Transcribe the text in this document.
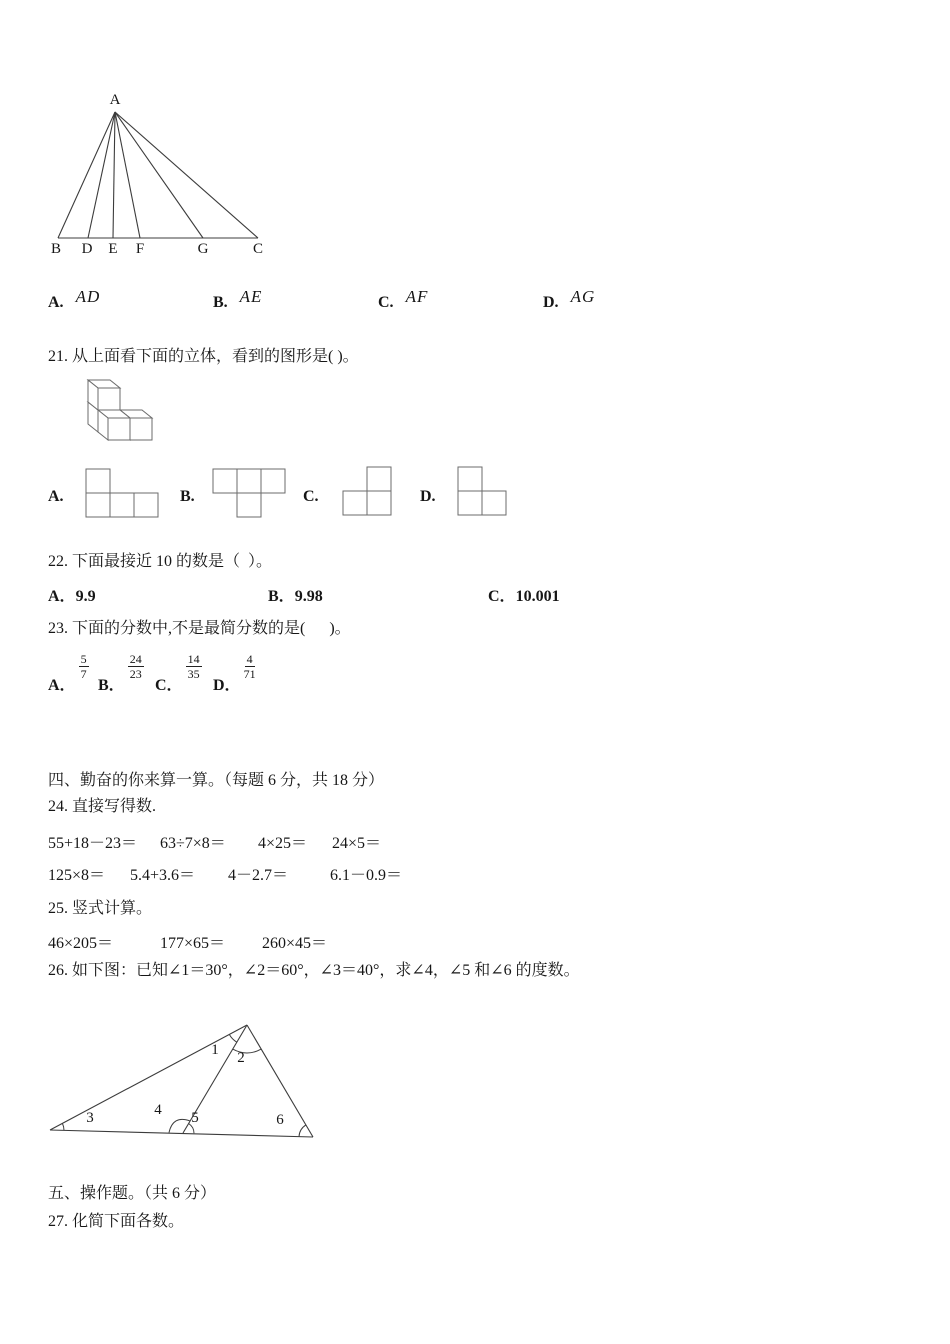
A
B D E F	G	C
A. AD	B. AE	C. AF	D. AG
21. 从上面看下面的立体，看到的图形是( )。
A.	B.	C.	D.
22. 下面最接近 10 的数是（  ）。
A．9.9	B．9.98	C．10.001
23. 下面的分数中,不是最简分数的是(      )。
A．
$\frac{5}{7}$
B．
$\frac{24}{23}$
C．
$\frac{14}{35}$
D．
$\frac{4}{71}$
四、勤奋的你来算一算。（每题 6 分，共 18 分）
24. 直接写得数.
55+18－23＝ 63÷7×8＝ 4×25＝ 24×5＝
125×8＝ 5.4+3.6＝ 4－2.7＝	6.1－0.9＝
25. 竖式计算。
46×205＝	177×65＝ 260×45＝
26. 如下图：已知∠1＝30°，∠2＝60°，∠3＝40°，求∠4，∠5 和∠6 的度数。
1 2
3	4 5	6
五、操作题。（共 6 分）
27. 化简下面各数。
